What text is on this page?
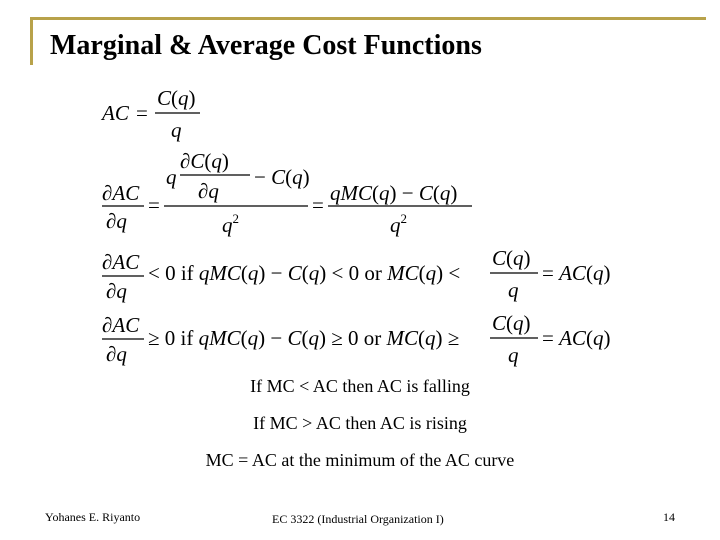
Marginal & Average Cost Functions
AC =
C(q)
q
∂AC
∂q
=
q
∂C(q)
∂q
− C(q)
$q^2$
= qMC(q) − C(q)
$q^2$
∂AC
∂q
< 0 if qMC(q) − C(q) < 0 or MC(q) <
C(q)
q
= AC(q)
∂AC
∂q
≥ 0 if qMC(q) − C(q) ≥ 0 or MC(q) ≥
C(q)
q
= AC(q)
If MC < AC then AC is falling
If MC > AC then AC is rising
MC = AC at the minimum of the AC curve
Yohanes E. Riyanto	EC 3322 (Industrial Organization I)	14
